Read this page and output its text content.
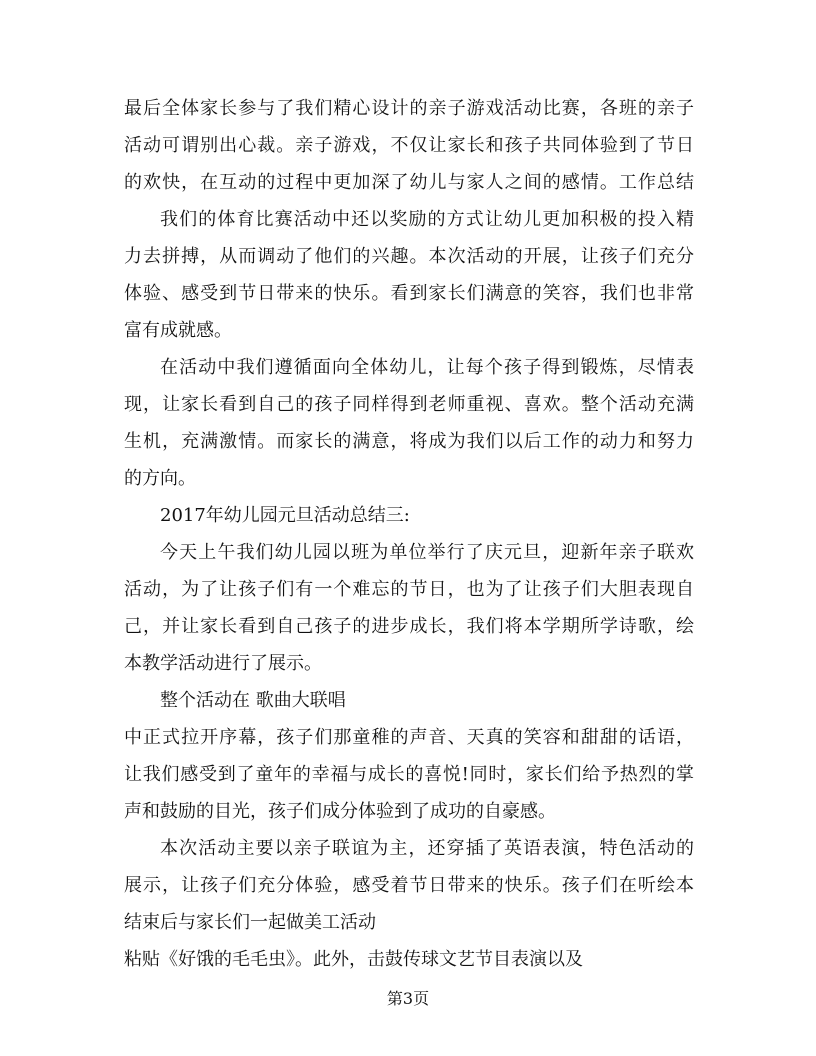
最后全体家长参与了我们精心设计的亲子游戏活动比赛，各班的亲子
活动可谓别出心裁。亲子游戏，不仅让家长和孩子共同体验到了节日
的欢快，在互动的过程中更加深了幼儿与家人之间的感情。工作总结
我们的体育比赛活动中还以奖励的方式让幼儿更加积极的投入精
力去拼搏，从而调动了他们的兴趣。本次活动的开展，让孩子们充分
体验、感受到节日带来的快乐。看到家长们满意的笑容，我们也非常
富有成就感。
在活动中我们遵循面向全体幼儿，让每个孩子得到锻炼，尽情表
现，让家长看到自己的孩子同样得到老师重视、喜欢。整个活动充满
生机，充满激情。而家长的满意，将成为我们以后工作的动力和努力
的方向。
2017年幼儿园元旦活动总结三:
今天上午我们幼儿园以班为单位举行了庆元旦，迎新年亲子联欢
活动，为了让孩子们有一个难忘的节日，也为了让孩子们大胆表现自
己，并让家长看到自己孩子的进步成长，我们将本学期所学诗歌，绘
本教学活动进行了展示。
整个活动在 歌曲大联唱
中正式拉开序幕，孩子们那童稚的声音、天真的笑容和甜甜的话语，
让我们感受到了童年的幸福与成长的喜悦!同时，家长们给予热烈的掌
声和鼓励的目光，孩子们成分体验到了成功的自豪感。
本次活动主要以亲子联谊为主，还穿插了英语表演，特色活动的
展示，让孩子们充分体验，感受着节日带来的快乐。孩子们在听绘本
结束后与家长们一起做美工活动
粘贴《好饿的毛毛虫》。此外，击鼓传球文艺节目表演以及
第3页
